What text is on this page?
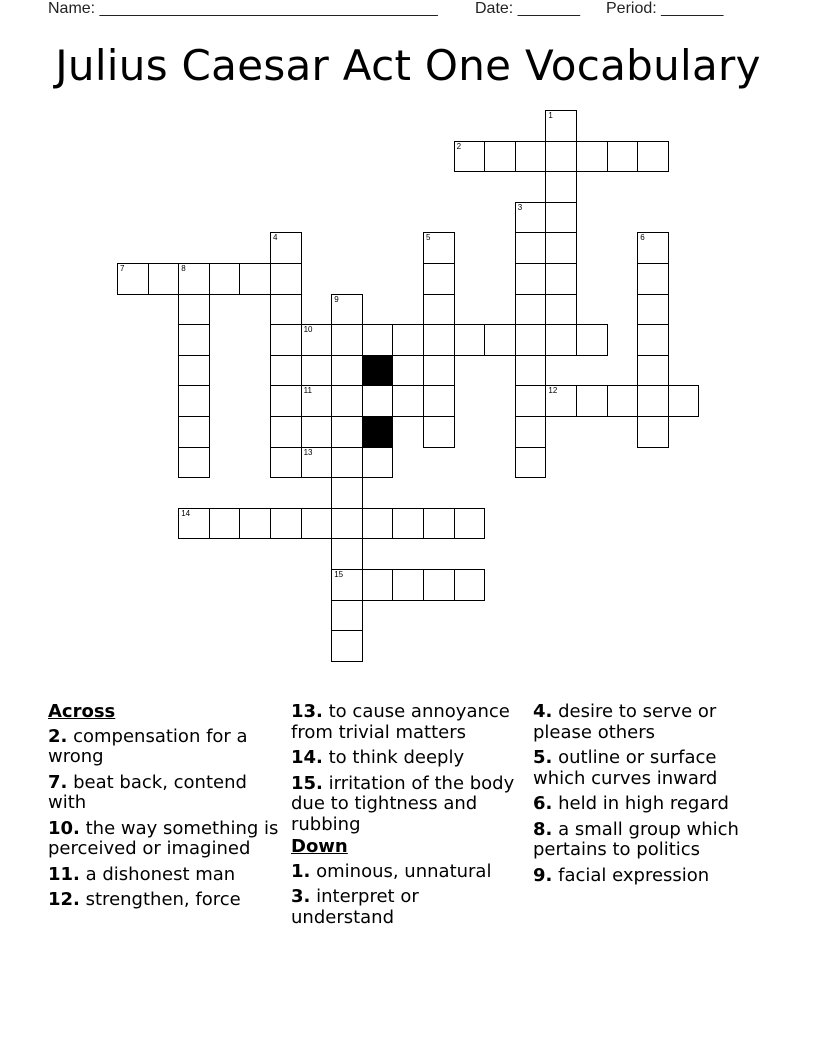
Name: ______________________________________ Date: _______ Period: _______
Julius Caesar Act One Vocabulary
1
2
3
4	5	6
7	8
9
15
10
11	12
13
14
Across
2. compensation for a wrong
7. beat back, contend with
10. the way something is perceived or imagined
11. a dishonest man
12. strengthen, force
13. to cause annoyance from trivial matters
14. to think deeply
15. irritation of the body due to tightness and rubbing
Down
1. ominous, unnatural
3. interpret or understand
4. desire to serve or please others
5. outline or surface which curves inward
6. held in high regard
8. a small group which pertains to politics
9. facial expression
